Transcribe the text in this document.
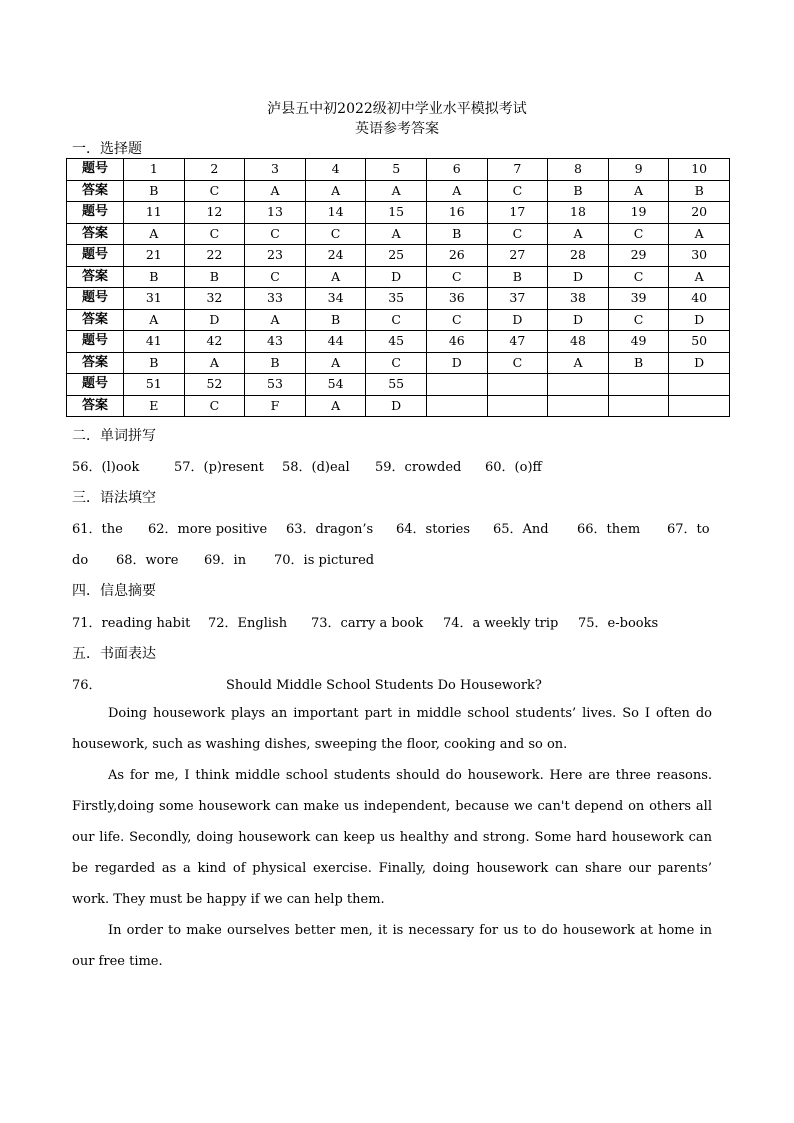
泸县五中初2022级初中学业水平模拟考试
英语参考答案
一．选择题
题号	1	2	3	4	5	6	7	8	9	10
答案	B	C	A	A	A	A	C	B	A	B
题号	11	12	13	14	15	16	17	18	19	20
答案	A	C	C	C	A	B	C	A	C	A
题号	21	22	23	24	25	26	27	28	29	30
答案	B	B	C	A	D	C	B	D	C	A
题号	31	32	33	34	35	36	37	38	39	40
答案	A	D	A	B	C	C	D	D	C	D
题号	41	42	43	44	45	46	47	48	49	50
答案	B	A	B	A	C	D	C	A	B	D
题号	51	52	53	54	55					
答案	E	C	F	A	D					
二．单词拼写
56．(l)ook	57．(p)resent 58．(d)eal 59．crowded 60．(o)ff
三．语法填空
61．the 62．more positive 63．dragon’s 64．stories 65．And 66．them 67．to
do 68．wore 69．in 70．is pictured
四．信息摘要
71．reading habit 72．English 73．carry a book 74．a weekly trip 75．e-books
五．书面表达
76．	Should Middle School Students Do Housework?

Doing housework plays an important part in middle school students’ lives. So I often do housework, such as washing dishes, sweeping the floor, cooking and so on.

As for me, I think middle school students should do housework. Here are three reasons. Firstly,doing some housework can make us independent, because we can't depend on others all our life. Secondly, doing housework can keep us healthy and strong. Some hard housework can be regarded as a kind of physical exercise. Finally, doing housework can share our parents’ work. They must be happy if we can help them.

In order to make ourselves better men, it is necessary for us to do housework at home in our free time.
